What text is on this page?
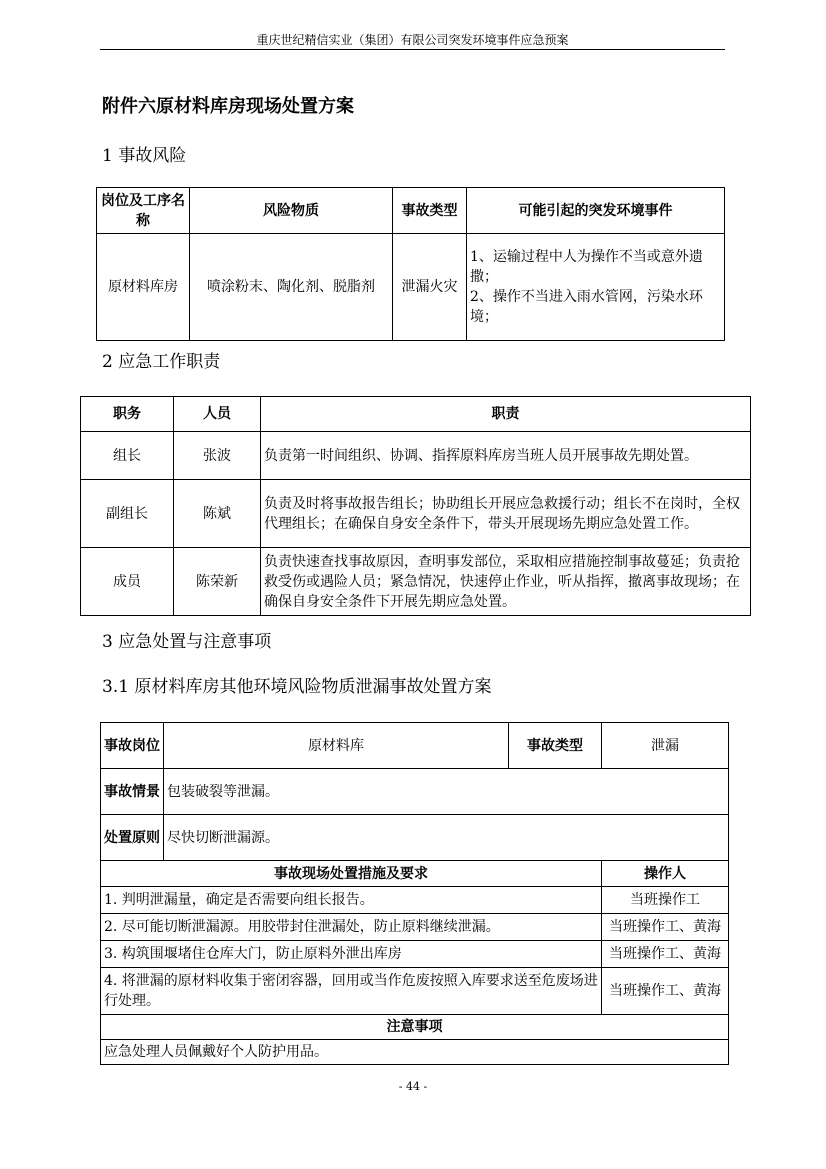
重庆世纪精信实业（集团）有限公司突发环境事件应急预案
附件六原材料库房现场处置方案
1 事故风险
岗位及工序名称	风险物质	事故类型	可能引起的突发环境事件
原材料库房	喷涂粉末、陶化剂、脱脂剂	泄漏火灾	1、运输过程中人为操作不当或意外遗撒；
2、操作不当进入雨水管网，污染水环境；
2 应急工作职责
职务	人员	职责
组长	张波	负责第一时间组织、协调、指挥原料库房当班人员开展事故先期处置。
副组长	陈斌	负责及时将事故报告组长；协助组长开展应急救援行动；组长不在岗时，全权代理组长；在确保自身安全条件下，带头开展现场先期应急处置工作。
成员	陈荣新	负责快速查找事故原因，查明事发部位，采取相应措施控制事故蔓延；负责抢救受伤或遇险人员；紧急情况，快速停止作业，听从指挥，撤离事故现场；在确保自身安全条件下开展先期应急处置。
3 应急处置与注意事项
3.1 原材料库房其他环境风险物质泄漏事故处置方案
事故岗位	原材料库	事故类型	泄漏
事故情景	包装破裂等泄漏。		
处置原则	尽快切断泄漏源。		
事故现场处置措施及要求			操作人
1. 判明泄漏量，确定是否需要向组长报告。			当班操作工
2. 尽可能切断泄漏源。用胶带封住泄漏处，防止原料继续泄漏。			当班操作工、黄海
3. 构筑围堰堵住仓库大门，防止原料外泄出库房			当班操作工、黄海
4. 将泄漏的原材料收集于密闭容器，回用或当作危废按照入库要求送至危废场进行处理。			当班操作工、黄海
注意事项			
应急处理人员佩戴好个人防护用品。			
- 44 -
